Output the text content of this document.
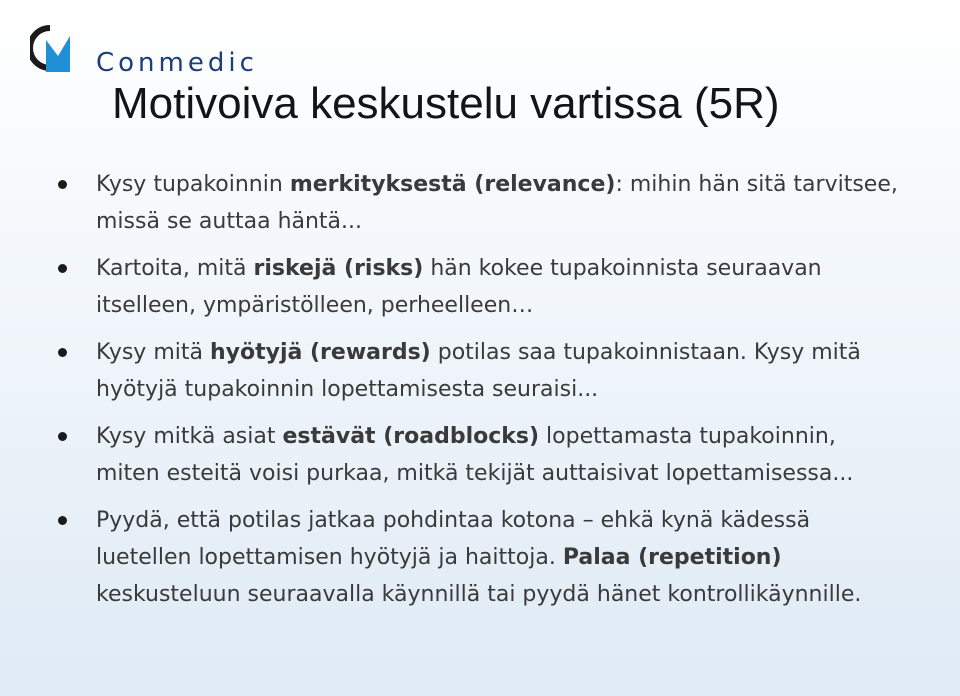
Conmedic
Motivoiva keskustelu vartissa (5R)
Kysy tupakoinnin merkityksestä (relevance): mihin hän sitä tarvitsee, missä se auttaa häntä...
Kartoita, mitä riskejä (risks) hän kokee tupakoinnista seuraavan itselleen, ympäristölleen, perheelleen…
Kysy mitä hyötyjä (rewards) potilas saa tupakoinnistaan. Kysy mitä hyötyjä tupakoinnin lopettamisesta seuraisi...
Kysy mitkä asiat estävät (roadblocks) lopettamasta tupakoinnin, miten esteitä voisi purkaa, mitkä tekijät auttaisivat lopettamisessa...
Pyydä, että potilas jatkaa pohdintaa kotona – ehkä kynä kädessä luetellen lopettamisen hyötyjä ja haittoja. Palaa (repetition) keskusteluun seuraavalla käynnillä tai pyydä hänet kontrollikäynnille.
